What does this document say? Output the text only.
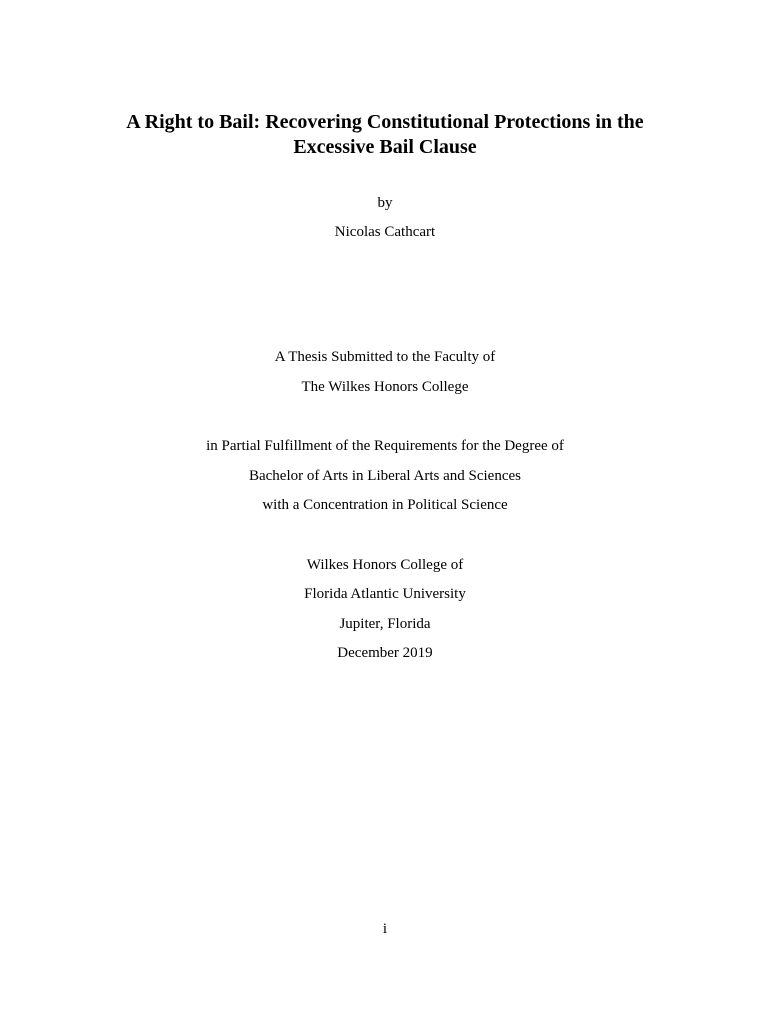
A Right to Bail: Recovering Constitutional Protections in the
Excessive Bail Clause
by
Nicolas Cathcart
A Thesis Submitted to the Faculty of
The Wilkes Honors College
in Partial Fulfillment of the Requirements for the Degree of
Bachelor of Arts in Liberal Arts and Sciences
with a Concentration in Political Science
Wilkes Honors College of
Florida Atlantic University
Jupiter, Florida
December 2019
i
